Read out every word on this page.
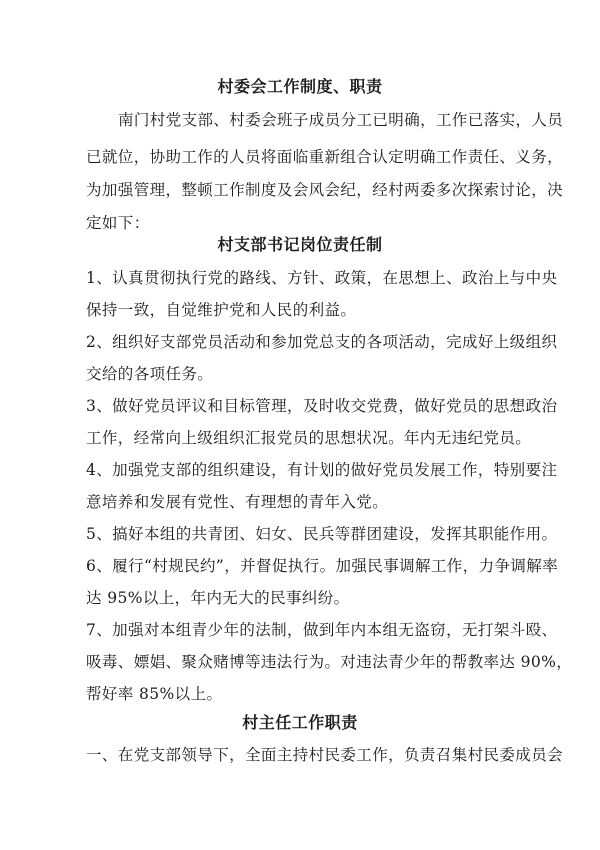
村委会工作制度、职责
南门村党支部、村委会班子成员分工已明确，工作已落实，人员
已就位，协助工作的人员将面临重新组合认定明确工作责任、义务，
为加强管理，整顿工作制度及会风会纪，经村两委多次探索讨论，决
定如下：
村支部书记岗位责任制
1、认真贯彻执行党的路线、方针、政策，在思想上、政治上与中央
保持一致，自觉维护党和人民的利益。
2、组织好支部党员活动和参加党总支的各项活动，完成好上级组织
交给的各项任务。
3、做好党员评议和目标管理，及时收交党费，做好党员的思想政治
工作，经常向上级组织汇报党员的思想状况。年内无违纪党员。
4、加强党支部的组织建设，有计划的做好党员发展工作，特别要注
意培养和发展有党性、有理想的青年入党。
5、搞好本组的共青团、妇女、民兵等群团建设，发挥其职能作用。
6、履行“村规民约”，并督促执行。加强民事调解工作，力争调解率
达 95%以上，年内无大的民事纠纷。
7、加强对本组青少年的法制，做到年内本组无盗窃，无打架斗殴、
吸毒、嫖娼、聚众赌博等违法行为。对违法青少年的帮教率达 90%，
帮好率 85%以上。
村主任工作职责
一、在党支部领导下，全面主持村民委工作，负责召集村民委成员会
